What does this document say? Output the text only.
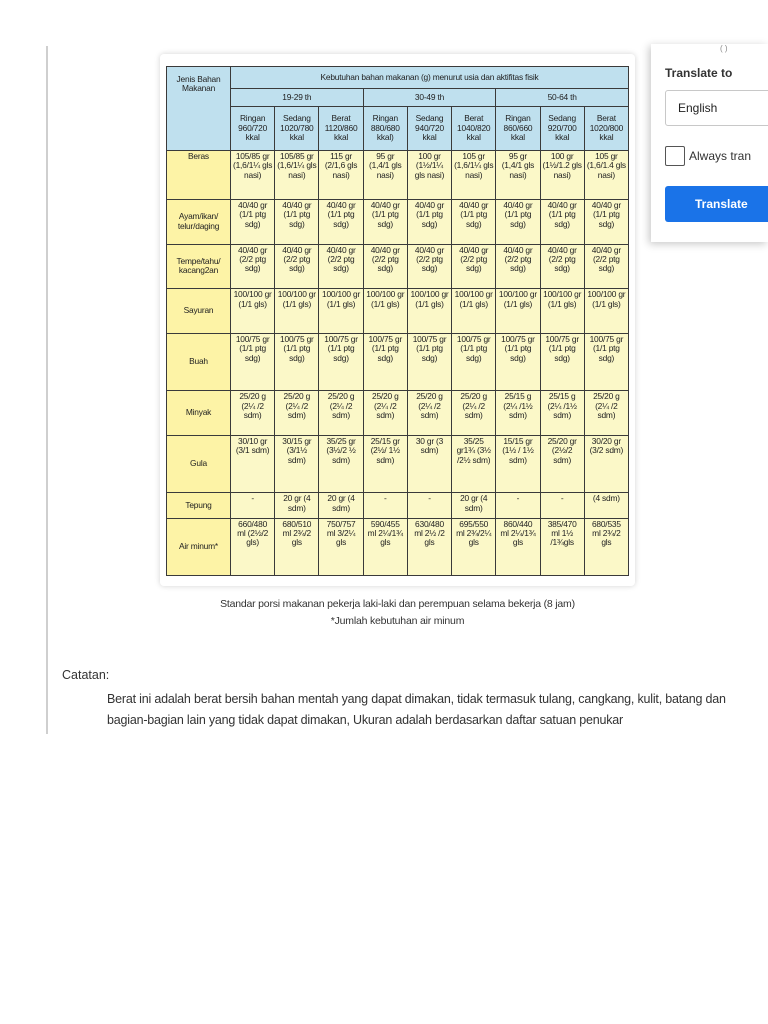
Jenis Bahan Makanan	Kebutuhan bahan makanan (g) menurut usia dan aktifitas fisik								
	19-29 th			30-49 th			50-64 th		
	Ringan 960/720 kkal	Sedang 1020/780 kkal	Berat 1120/860 kkal	Ringan 880/680 kkal)	Sedang 940/720 kkal	Berat 1040/820 kkal	Ringan 860/660 kkal	Sedang 920/700 kkal	Berat 1020/800 kkal
Beras	105/85 gr (1,6/1¼ gls nasi)	105/85 gr (1,6/1¼ gls nasi)	115 gr (2/1,6 gls nasi)	95 gr (1,4/1 gls nasi)	100 gr (1½/1¼ gls nasi)	105 gr (1,6/1¼ gls nasi)	95 gr (1,4/1 gls nasi)	100 gr (1½/1.2 gls nasi)	105 gr (1,6/1.4 gls nasi)
Ayam/ikan/ telur/daging	40/40 gr (1/1 ptg sdg)	40/40 gr (1/1 ptg sdg)	40/40 gr (1/1 ptg sdg)	40/40 gr (1/1 ptg sdg)	40/40 gr (1/1 ptg sdg)	40/40 gr (1/1 ptg sdg)	40/40 gr (1/1 ptg sdg)	40/40 gr (1/1 ptg sdg)	40/40 gr (1/1 ptg sdg)
Tempe/tahu/ kacang2an	40/40 gr (2/2 ptg sdg)	40/40 gr (2/2 ptg sdg)	40/40 gr (2/2 ptg sdg)	40/40 gr (2/2 ptg sdg)	40/40 gr (2/2 ptg sdg)	40/40 gr (2/2 ptg sdg)	40/40 gr (2/2 ptg sdg)	40/40 gr (2/2 ptg sdg)	40/40 gr (2/2 ptg sdg)
Sayuran	100/100 gr (1/1 gls)	100/100 gr (1/1 gls)	100/100 gr (1/1 gls)	100/100 gr (1/1 gls)	100/100 gr (1/1 gls)	100/100 gr (1/1 gls)	100/100 gr (1/1 gls)	100/100 gr (1/1 gls)	100/100 gr (1/1 gls)
Buah	100/75 gr (1/1 ptg sdg)	100/75 gr (1/1 ptg sdg)	100/75 gr (1/1 ptg sdg)	100/75 gr (1/1 ptg sdg)	100/75 gr (1/1 ptg sdg)	100/75 gr (1/1 ptg sdg)	100/75 gr (1/1 ptg sdg)	100/75 gr (1/1 ptg sdg)	100/75 gr (1/1 ptg sdg)
Minyak	25/20 g (2¼ /2 sdm)	25/20 g (2¼ /2 sdm)	25/20 g (2¼ /2 sdm)	25/20 g (2¼ /2 sdm)	25/20 g (2¼ /2 sdm)	25/20 g (2¼ /2 sdm)	25/15 g (2¼ /1½ sdm)	25/15 g (2¼ /1½ sdm)	25/20 g (2¼ /2 sdm)
Gula	30/10 gr (3/1 sdm)	30/15 gr (3/1½ sdm)	35/25 gr (3½/2 ½ sdm)	25/15 gr (2½/ 1½ sdm)	30 gr (3 sdm)	35/25 gr1¾ (3½ /2½ sdm)	15/15 gr (1½ / 1½ sdm)	25/20 gr (2½/2 sdm)	30/20 gr (3/2 sdm)
Tepung	-	20 gr (4 sdm)	20 gr (4 sdm)	-	-	20 gr (4 sdm)	-	-	(4 sdm)
Air minum*	660/480 ml (2½/2 gls)	680/510 ml 2¾/2 gls	750/757 ml 3/2¼ gls	590/455 ml 2¼/1¾ gls	630/480 ml 2½ /2 gls	695/550 ml 2¾/2¼ gls	860/440 ml 2¼/1¾ gls	385/470 ml 1½ /1¾gls	680/535 ml 2¾/2 gls
Standar porsi makanan pekerja laki-laki dan perempuan selama bekerja (8 jam)
*Jumlah kebutuhan air minum
Catatan:
Berat ini adalah berat bersih bahan mentah yang dapat dimakan, tidak termasuk tulang, cangkang, kulit, batang dan bagian-bagian lain yang tidak dapat dimakan, Ukuran adalah berdasarkan daftar satuan penukar
Translate to
English
Always tran
Translate
( )
